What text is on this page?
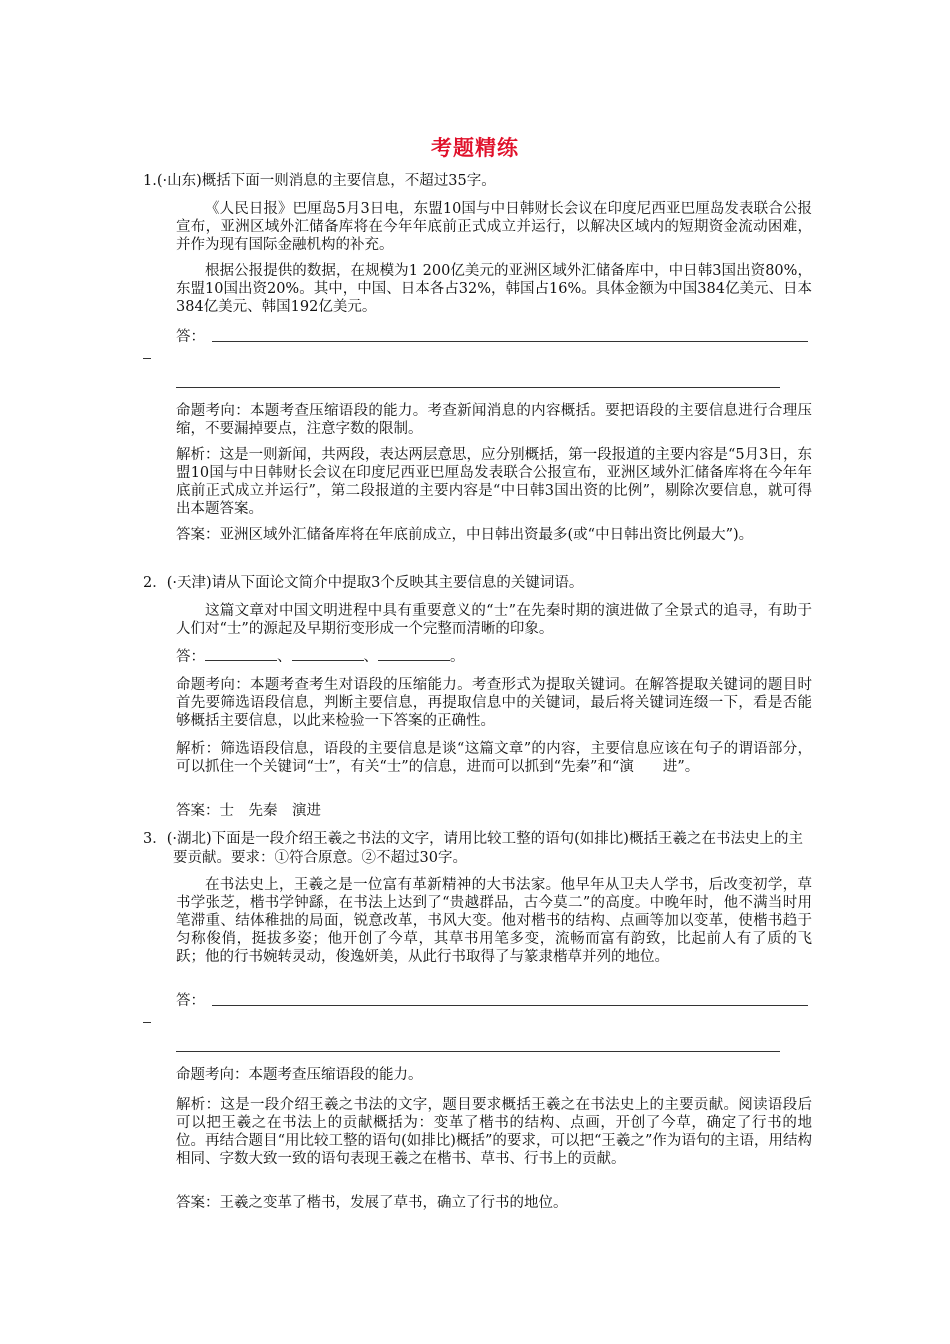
考题精练
1.(·山东)概括下面一则消息的主要信息，不超过35字。
《人民日报》巴厘岛5月3日电，东盟10国与中日韩财长会议在印度尼西亚巴厘岛发表联合公报宣布，亚洲区域外汇储备库将在今年年底前正式成立并运行，以解决区域内的短期资金流动困难，并作为现有国际金融机构的补充。
根据公报提供的数据，在规模为1 200亿美元的亚洲区域外汇储备库中，中日韩3国出资80%，东盟10国出资20%。其中，中国、日本各占32%，韩国占16%。具体金额为中国384亿美元、日本384亿美元、韩国192亿美元。
答：
命题考向：本题考查压缩语段的能力。考查新闻消息的内容概括。要把语段的主要信息进行合理压缩，不要漏掉要点，注意字数的限制。
解析：这是一则新闻，共两段，表达两层意思，应分别概括，第一段报道的主要内容是“5月3日，东盟10国与中日韩财长会议在印度尼西亚巴厘岛发表联合公报宣布，亚洲区域外汇储备库将在今年年底前正式成立并运行”，第二段报道的主要内容是“中日韩3国出资的比例”，剔除次要信息，就可得出本题答案。
答案：亚洲区域外汇储备库将在年底前成立，中日韩出资最多(或“中日韩出资比例最大”)。
2．(·天津)请从下面论文简介中提取3个反映其主要信息的关键词语。
这篇文章对中国文明进程中具有重要意义的“士”在先秦时期的演进做了全景式的追寻，有助于人们对“士”的源起及早期衍变形成一个完整而清晰的印象。
答：	、	、	。
命题考向：本题考查考生对语段的压缩能力。考查形式为提取关键词。在解答提取关键词的题目时首先要筛选语段信息，判断主要信息，再提取信息中的关键词，最后将关键词连缀一下，看是否能够概括主要信息，以此来检验一下答案的正确性。
解析：筛选语段信息，语段的主要信息是谈“这篇文章”的内容，主要信息应该在句子的谓语部分，可以抓住一个关键词“士”，有关“士”的信息，进而可以抓到“先秦”和“演　　进”。
答案：士　先秦　演进
3．(·湖北)下面是一段介绍王羲之书法的文字，请用比较工整的语句(如排比)概括王羲之在书法史上的主要贡献。要求：①符合原意。②不超过30字。
在书法史上，王羲之是一位富有革新精神的大书法家。他早年从卫夫人学书，后改变初学，草书学张芝，楷书学钟繇，在书法上达到了“贵越群品，古今莫二”的高度。中晚年时，他不满当时用笔滞重、结体稚拙的局面，锐意改革，书风大变。他对楷书的结构、点画等加以变革，使楷书趋于匀称俊俏，挺拔多姿；他开创了今草，其草书用笔多变，流畅而富有韵致，比起前人有了质的飞跃；他的行书婉转灵动，俊逸妍美，从此行书取得了与篆隶楷草并列的地位。
答：
命题考向：本题考查压缩语段的能力。
解析：这是一段介绍王羲之书法的文字，题目要求概括王羲之在书法史上的主要贡献。阅读语段后可以把王羲之在书法上的贡献概括为：变革了楷书的结构、点画，开创了今草，确定了行书的地位。再结合题目“用比较工整的语句(如排比)概括”的要求，可以把“王羲之”作为语句的主语，用结构相同、字数大致一致的语句表现王羲之在楷书、草书、行书上的贡献。
答案：王羲之变革了楷书，发展了草书，确立了行书的地位。
